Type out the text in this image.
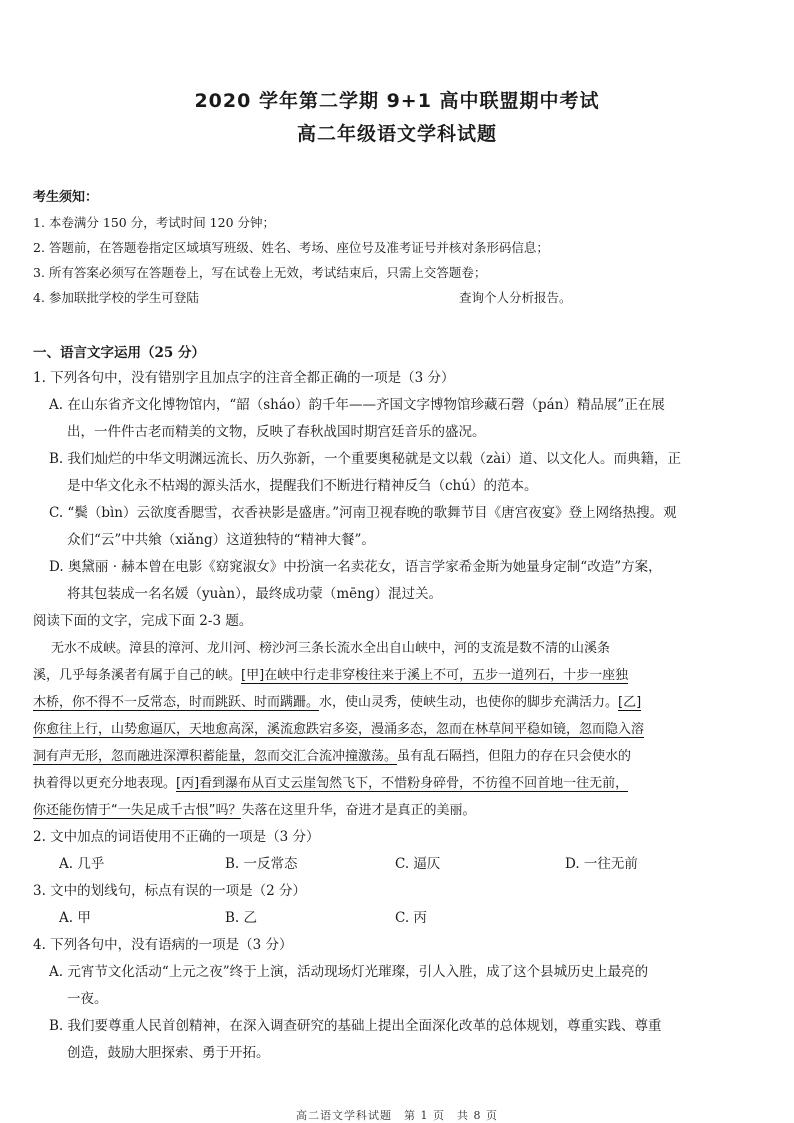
2020 学年第二学期 9+1 高中联盟期中考试
高二年级语文学科试题
考生须知：
1. 本卷满分 150 分，考试时间 120 分钟；
2. 答题前，在答题卷指定区域填写班级、姓名、考场、座位号及准考证号并核对条形码信息；
3. 所有答案必须写在答题卷上，写在试卷上无效，考试结束后，只需上交答题卷；
4. 参加联批学校的学生可登陆	查询个人分析报告。
一、语言文字运用（25 分）
1. 下列各句中，没有错别字且加点字的注音全都正确的一项是（3 分）
A. 在山东省齐文化博物馆内，“韶（sháo）韵千年——齐国文字博物馆珍藏石磬（pán）精品展”正在展
出，一件件古老而精美的文物，反映了春秋战国时期宫廷音乐的盛况。
B. 我们灿烂的中华文明渊远流长、历久弥新，一个重要奥秘就是文以载（zài）道、以文化人。而典籍，正
是中华文化永不枯竭的源头活水，提醒我们不断进行精神反刍（chú）的范本。
C. “鬓（bìn）云欲度香腮雪，衣香袂影是盛唐。”河南卫视春晚的歌舞节目《唐宫夜宴》登上网络热搜。观
众们“云”中共飨（xiǎng）这道独特的“精神大餐”。
D. 奥黛丽 · 赫本曾在电影《窈窕淑女》中扮演一名卖花女，语言学家希金斯为她量身定制“改造”方案，
将其包装成一名名媛（yuàn），最终成功蒙（mēng）混过关。
阅读下面的文字，完成下面 2-3 题。
无水不成峡。漳县的漳河、龙川河、榜沙河三条长流水全出自山峡中，河的支流是数不清的山溪条
溪，几乎每条溪者有属于自己的峡。[甲]在峡中行走非穿梭往来于溪上不可，五步一道列石，十步一座独
木桥，你不得不一反常态，时而跳跃、时而蹒跚。水，使山灵秀，使峡生动，也使你的脚步充满活力。[乙]
你愈往上行，山势愈逼仄，天地愈高深，溪流愈跌宕多姿，漫涌多态，忽而在林草间平稳如镜，忽而隐入溶
洞有声无形，忽而融进深潭积蓄能量，忽而交汇合流冲撞激荡。虽有乱石隔挡，但阻力的存在只会使水的
执着得以更充分地表现。[丙]看到瀑布从百丈云崖訇然飞下，不惜粉身碎骨，不彷徨不回首地一往无前，
你还能伤情于“一失足成千古恨”吗？失落在这里升华，奋进才是真正的美丽。
2. 文中加点的词语使用不正确的一项是（3 分）
A. 几乎	B. 一反常态	C. 逼仄	D. 一往无前
3. 文中的划线句，标点有误的一项是（2 分）
A. 甲	B. 乙	C. 丙
4. 下列各句中，没有语病的一项是（3 分）
A. 元宵节文化活动“上元之夜”终于上演，活动现场灯光璀璨，引人入胜，成了这个县城历史上最亮的
一夜。
B. 我们要尊重人民首创精神，在深入调查研究的基础上提出全面深化改革的总体规划，尊重实践、尊重
创造，鼓励大胆探索、勇于开拓。
高二语文学科试题　第 1 页　共 8 页
